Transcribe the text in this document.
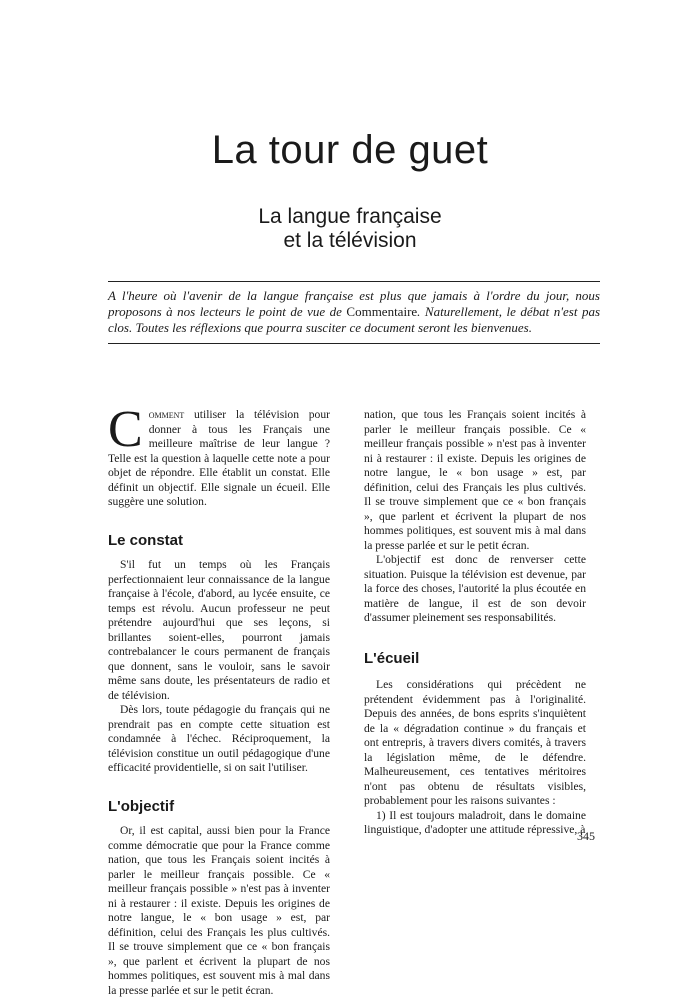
La tour de guet
La langue française
et la télévision

A l'heure où l'avenir de la langue française est plus que jamais à l'ordre du jour, nous proposons à nos lecteurs le point de vue de Commentaire. Naturellement, le débat n'est pas clos. Toutes les réflexions que pourra susciter ce document seront les bienvenues.

Comment utiliser la télévision pour donner à tous les Français une meilleure maîtrise de leur langue ? Telle est la question à laquelle cette note a pour objet de répondre. Elle établit un constat. Elle définit un objectif. Elle signale un écueil. Elle suggère une solution.

Le constat

S'il fut un temps où les Français perfectionnaient leur connaissance de la langue française à l'école, d'abord, au lycée ensuite, ce temps est révolu. Aucun professeur ne peut prétendre aujourd'hui que ses leçons, si brillantes soient-elles, pourront jamais contrebalancer le cours permanent de français que donnent, sans le vouloir, sans le savoir même sans doute, les présentateurs de radio et de télévision.

Dès lors, toute pédagogie du français qui ne prendrait pas en compte cette situation est condamnée à l'échec. Réciproquement, la télévision constitue un outil pédagogique d'une efficacité providentielle, si on sait l'utiliser.

L'objectif

Or, il est capital, aussi bien pour la France comme démocratie que pour la France comme nation, que tous les Français soient incités à parler le meilleur français possible. Ce « meilleur français possible » n'est pas à inventer ni à restaurer : il existe. Depuis les origines de notre langue, le « bon usage » est, par définition, celui des Français les plus cultivés. Il se trouve simplement que ce « bon français », que parlent et écrivent la plupart de nos hommes politiques, est souvent mis à mal dans la presse parlée et sur le petit écran.

nation, que tous les Français soient incités à parler le meilleur français possible. Ce « meilleur français possible » n'est pas à inventer ni à restaurer : il existe. Depuis les origines de notre langue, le « bon usage » est, par définition, celui des Français les plus cultivés. Il se trouve simplement que ce « bon français », que parlent et écrivent la plupart de nos hommes politiques, est souvent mis à mal dans la presse parlée et sur le petit écran.

L'objectif est donc de renverser cette situation. Puisque la télévision est devenue, par la force des choses, l'autorité la plus écoutée en matière de langue, il est de son devoir d'assumer pleinement ses responsabilités.

L'écueil

Les considérations qui précèdent ne prétendent évidemment pas à l'originalité. Depuis des années, de bons esprits s'inquiètent de la « dégradation continue » du français et ont entrepris, à travers divers comités, à travers la législation même, de le défendre. Malheureusement, ces tentatives méritoires n'ont pas obtenu de résultats visibles, probablement pour les raisons suivantes :

1) Il est toujours maladroit, dans le domaine linguistique, d'adopter une attitude répressive, à

345
